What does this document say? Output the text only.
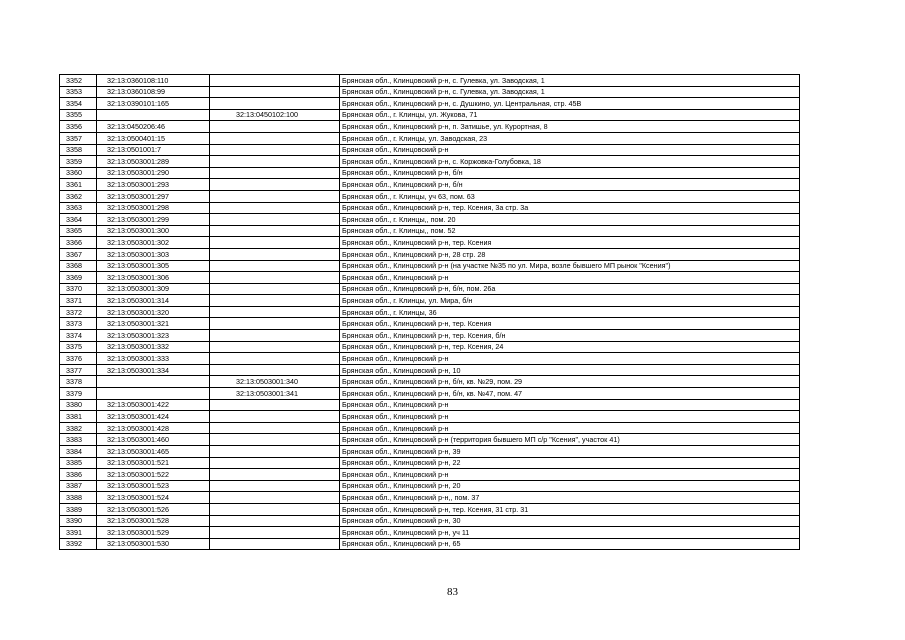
3352	32:13:0360108:110		Брянская обл., Клинцовский р-н, с. Гулевка, ул. Заводская, 1
3353	32:13:0360108:99		Брянская обл., Клинцовский р-н, с. Гулевка, ул. Заводская, 1
3354	32:13:0390101:165		Брянская обл., Клинцовский р-н, с. Душкино, ул. Центральная, стр. 45В
3355		32:13:0450102:100	Брянская обл., г. Клинцы, ул. Жукова, 71
3356	32:13:0450206:46		Брянская обл., Клинцовский р-н, п. Затишье, ул. Курортная, 8
3357	32:13:0500401:15		Брянская обл., г. Клинцы, ул. Заводская, 23
3358	32:13:0501001:7		Брянская обл., Клинцовский р-н
3359	32:13:0503001:289		Брянская обл., Клинцовский р-н, с. Коржовка-Голубовка, 18
3360	32:13:0503001:290		Брянская обл., Клинцовский р-н, б/н
3361	32:13:0503001:293		Брянская обл., Клинцовский р-н, б/н
3362	32:13:0503001:297		Брянская обл., г. Клинцы, уч 63, пом. 63
3363	32:13:0503001:298		Брянская обл., Клинцовский р-н, тер. Ксения, 3а стр. 3а
3364	32:13:0503001:299		Брянская обл., г. Клинцы,, пом. 20
3365	32:13:0503001:300		Брянская обл., г. Клинцы,, пом. 52
3366	32:13:0503001:302		Брянская обл., Клинцовский р-н, тер. Ксения
3367	32:13:0503001:303		Брянская обл., Клинцовский р-н, 28 стр. 28
3368	32:13:0503001:305		Брянская обл., Клинцовский р-н (на участке №35 по ул. Мира, возле бывшего МП рынок "Ксения")
3369	32:13:0503001:306		Брянская обл., Клинцовский р-н
3370	32:13:0503001:309		Брянская обл., Клинцовский р-н, б/н, пом. 26а
3371	32:13:0503001:314		Брянская обл., г. Клинцы, ул. Мира, б/н
3372	32:13:0503001:320		Брянская обл., г. Клинцы, 36
3373	32:13:0503001:321		Брянская обл., Клинцовский р-н, тер. Ксения
3374	32:13:0503001:323		Брянская обл., Клинцовский р-н, тер. Ксения, б/н
3375	32:13:0503001:332		Брянская обл., Клинцовский р-н, тер. Ксения, 24
3376	32:13:0503001:333		Брянская обл., Клинцовский р-н
3377	32:13:0503001:334		Брянская обл., Клинцовский р-н, 10
3378		32:13:0503001:340	Брянская обл., Клинцовский р-н, б/н, кв. №29, пом. 29
3379		32:13:0503001:341	Брянская обл., Клинцовский р-н, б/н, кв. №47, пом. 47
3380	32:13:0503001:422		Брянская обл., Клинцовский р-н
3381	32:13:0503001:424		Брянская обл., Клинцовский р-н
3382	32:13:0503001:428		Брянская обл., Клинцовский р-н
3383	32:13:0503001:460		Брянская обл., Клинцовский р-н (территория бывшего МП с/р "Ксения", участок 41)
3384	32:13:0503001:465		Брянская обл., Клинцовский р-н, 39
3385	32:13:0503001:521		Брянская обл., Клинцовский р-н, 22
3386	32:13:0503001:522		Брянская обл., Клинцовский р-н
3387	32:13:0503001:523		Брянская обл., Клинцовский р-н, 20
3388	32:13:0503001:524		Брянская обл., Клинцовский р-н,, пом. 37
3389	32:13:0503001:526		Брянская обл., Клинцовский р-н, тер. Ксения, 31 стр. 31
3390	32:13:0503001:528		Брянская обл., Клинцовский р-н, 30
3391	32:13:0503001:529		Брянская обл., Клинцовский р-н, уч 11
3392	32:13:0503001:530		Брянская обл., Клинцовский р-н, 65
83
